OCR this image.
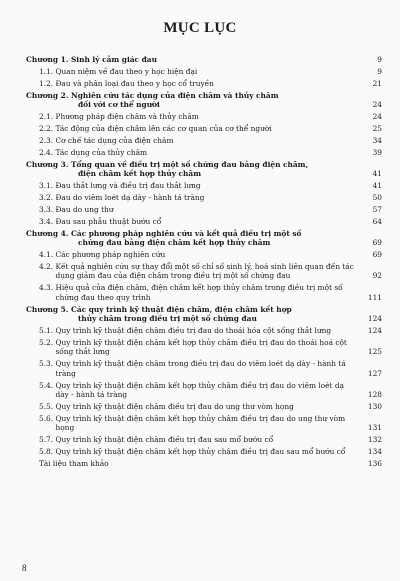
MỤC LỤC
Chương 1. Sinh lý cảm giác đau	9
1.1. Quan niệm về đau theo y học hiện đại	9
1.2. Đau và phân loại đau theo y học cổ truyền	21
Chương 2. Nghiên cứu tác dụng của điện châm và thủy châm
đối với cơ thể người	24
2.1. Phương pháp điện châm và thủy châm	24
2.2. Tác động của điện châm lên các cơ quan của cơ thể người	25
2.3. Cơ chế tác dụng của điện châm	34
2.4. Tác dụng của thủy châm	39
Chương 3. Tổng quan về điều trị một số chứng đau bằng điện châm,
điện châm kết hợp thủy châm	41
3.1. Đau thắt lưng và điều trị đau thắt lưng	41
3.2. Đau do viêm loét dạ dày - hành tá tràng	50
3.3. Đau do ung thư	57
3.4. Đau sau phẫu thuật bướu cổ	64
Chương 4. Các phương pháp nghiên cứu và kết quả điều trị một số
chứng đau bằng điện châm kết hợp thủy châm	69
4.1. Các phương pháp nghiên cứu	69
4.2. Kết quả nghiên cứu sự thay đổi một số chỉ số sinh lý, hoá sinh liên quan đến tác dụng giảm đau của điện châm trong điều trị một số chứng đau	92
4.3. Hiệu quả của điện châm, điện châm kết hợp thủy châm trong điều trị một số chứng đau theo quy trình	111
Chương 5. Các quy trình kỹ thuật điện châm, điện châm kết hợp
thủy châm trong điều trị một số chứng đau	124
5.1. Quy trình kỹ thuật điện châm điều trị đau do thoái hóa cột sống thắt lưng	124
5.2. Quy trình kỹ thuật điện châm kết hợp thủy châm điều trị đau do thoái hoá cột sống thắt lưng	125
5.3. Quy trình kỹ thuật điện châm trong điều trị đau do viêm loét dạ dày - hành tá tràng	127
5.4. Quy trình kỹ thuật điện châm kết hợp thủy châm điều trị đau do viêm loét dạ dày - hành tá tràng	128
5.5. Quy trình kỹ thuật điện châm điều trị đau do ung thư vòm họng	130
5.6. Quy trình kỹ thuật điện châm kết hợp thủy châm điều trị đau do ung thư vòm họng	131
5.7. Quy trình kỹ thuật điện châm điều trị đau sau mổ bướu cổ	132
5.8. Quy trình kỹ thuật điện châm kết hợp thủy châm điều trị đau sau mổ bướu cổ	134
Tài liệu tham khảo	136
8
